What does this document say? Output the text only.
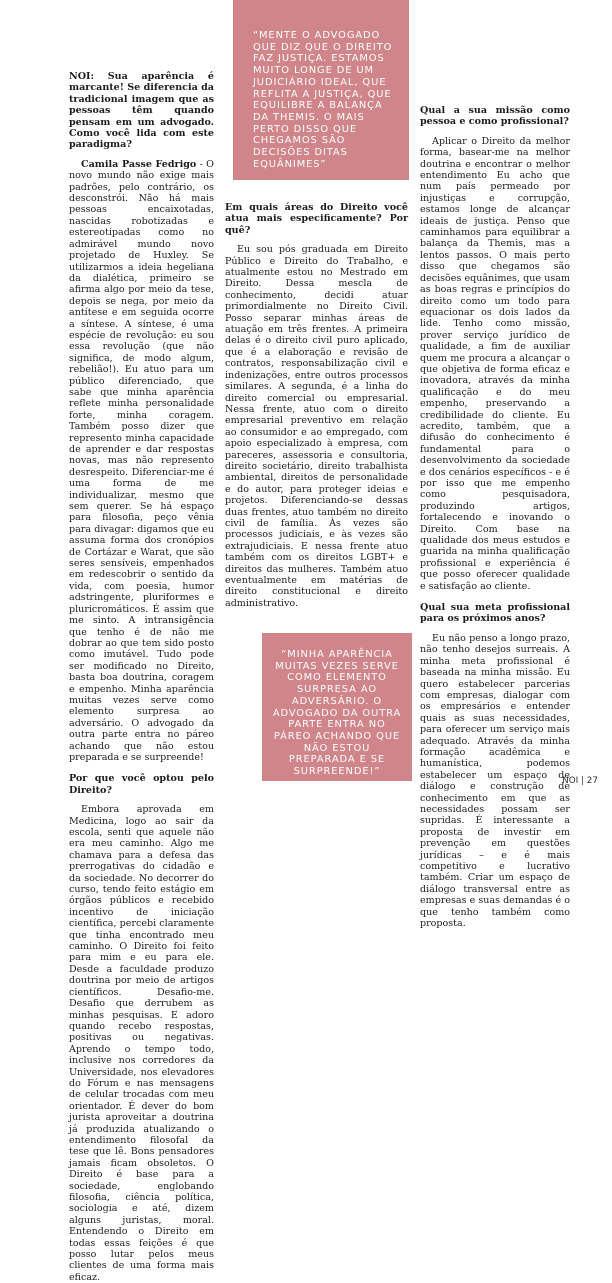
“MENTE O ADVOGADO QUE DIZ QUE O DIREITO FAZ JUSTIÇA. ESTAMOS MUITO LONGE DE UM JUDICIÁRIO IDEAL, QUE REFLITA A JUSTIÇA, QUE EQUILIBRE A BALANÇA DA THEMIS. O MAIS PERTO DISSO QUE CHEGAMOS SÃO DECISÕES DITAS EQUÂNIMES”

NOI: Sua aparência é marcante! Se diferencia da tradicional imagem que as pessoas têm quando pensam em um advogado. Como você lida com este paradigma?

Camila Passe Fedrigo - O novo mundo não exige mais padrões, pelo contrário, os desconstrói. Não há mais pessoas encaixotadas, nascidas robotizadas e estereotipadas como no admirável mundo novo projetado de Huxley. Se utilizarmos a ideia hegeliana da dialética, primeiro se afirma algo por meio da tese, depois se nega, por meio da antítese e em seguida ocorre a síntese. A síntese, é uma espécie de revolução: eu sou essa revolução (que não significa, de modo algum, rebelião!). Eu atuo para um público diferenciado, que sabe que minha aparência reflete minha personalidade forte, minha coragem. Também posso dizer que represento minha capacidade de aprender e dar respostas novas, mas não represento desrespeito. Diferenciar-me é uma forma de me individualizar, mesmo que sem querer. Se há espaço para filosofia, peço vênia para divagar: digamos que eu assuma forma dos cronópios de Cortázar e Warat, que são seres sensíveis, empenhados em redescobrir o sentido da vida, com poesia, humor adstringente, pluriformes e pluricromáticos. É assim que me sinto. A intransigência que tenho é de não me dobrar ao que tem sido posto como imutável. Tudo pode ser modificado no Direito, basta boa doutrina, coragem e empenho. Minha aparência muitas vezes serve como elemento surpresa ao adversário. O advogado da outra parte entra no páreo achando que não estou preparada e se surpreende!

Por que você optou pelo Direito?

Embora aprovada em Medicina, logo ao sair da escola, senti que aquele não era meu caminho. Algo me chamava para a defesa das prerrogativas do cidadão e da sociedade. No decorrer do curso, tendo feito estágio em órgãos públicos e recebido incentivo de iniciação científica, percebi claramente que tinha encontrado meu caminho. O Direito foi feito para mim e eu para ele. Desde a faculdade produzo doutrina por meio de artigos científicos. Desafio-me. Desafio que derrubem as minhas pesquisas. E adoro quando recebo respostas, positivas ou negativas. Aprendo o tempo todo, inclusive nos corredores da Universidade, nos elevadores do Fórum e nas mensagens de celular trocadas com meu orientador. É dever do bom jurista aproveitar a doutrina já produzida atualizando o entendimento filosofal da tese que lê. Bons pensadores jamais ficam obsoletos. O Direito é base para a sociedade, englobando filosofia, ciência política, sociologia e até, dizem alguns juristas, moral. Entendendo o Direito em todas essas feições é que posso lutar pelos meus clientes de uma forma mais eficaz.

Em quais áreas do Direito você atua mais especificamente? Por quê?

Eu sou pós graduada em Direito Público e Direito do Trabalho, e atualmente estou no Mestrado em Direito. Dessa mescla de conhecimento, decidi atuar primordialmente no Direito Civil. Posso separar minhas áreas de atuação em três frentes. A primeira delas é o direito civil puro aplicado, que é a elaboração e revisão de contratos, responsabilização civil e indenizações, entre outros processos similares. A segunda, é a linha do direito comercial ou empresarial. Nessa frente, atuo com o direito empresarial preventivo em relação ao consumidor e ao empregado, com apoio especializado à empresa, com pareceres, assessoria e consultoria, direito societário, direito trabalhista ambiental, direitos de personalidade e do autor, para proteger ideias e projetos. Diferenciando-se dessas duas frentes, atuo também no direito civil de família. Às vezes são processos judiciais, e às vezes são extrajudiciais. E nessa frente atuo também com os direitos LGBT+ e direitos das mulheres. Também atuo eventualmente em matérias de direito constitucional e direito administrativo.

Qual a sua missão como pessoa e como profissional?

Aplicar o Direito da melhor forma, basear-me na melhor doutrina e encontrar o melhor entendimento Eu acho que num país permeado por injustiças e corrupção, estamos longe de alcançar ideais de justiça. Penso que caminhamos para equilibrar a balança da Themis, mas a lentos passos. O mais perto disso que chegamos são decisões equânimes, que usam as boas regras e princípios do direito como um todo para equacionar os dois lados da lide. Tenho como missão, prover serviço jurídico de qualidade, a fim de auxiliar quem me procura a alcançar o que objetiva de forma eficaz e inovadora, através da minha qualificação e do meu empenho, preservando a credibilidade do cliente. Eu acredito, também, que a difusão do conhecimento é fundamental para o desenvolvimento da sociedade e dos cenários específicos - e é por isso que me empenho como pesquisadora, produzindo artigos, fortalecendo e inovando o Direito. Com base na qualidade dos meus estudos e guarida na minha qualificação profissional e experiência é que posso oferecer qualidade e satisfação ao cliente.

Qual sua meta profissional para os próximos anos?

Eu não penso a longo prazo, não tenho desejos surreais. A minha meta profissional é baseada na minha missão. Eu quero estabelecer parcerias com empresas, dialogar com os empresários e entender quais as suas necessidades, para oferecer um serviço mais adequado. Através da minha formação acadêmica e humanística, podemos estabelecer um espaço de diálogo e construção de conhecimento em que as necessidades possam ser supridas. É interessante a proposta de investir em prevenção em questões jurídicas – e é mais competitivo e lucrativo também. Criar um espaço de diálogo transversal entre as empresas e suas demandas é o que tenho também como proposta.

“MINHA APARÊNCIA MUITAS VEZES SERVE COMO ELEMENTO SURPRESA AO ADVERSÁRIO. O ADVOGADO DA OUTRA PARTE ENTRA NO PÁREO ACHANDO QUE NÃO ESTOU PREPARADA E SE SURPREENDE!”
NOI | 27
